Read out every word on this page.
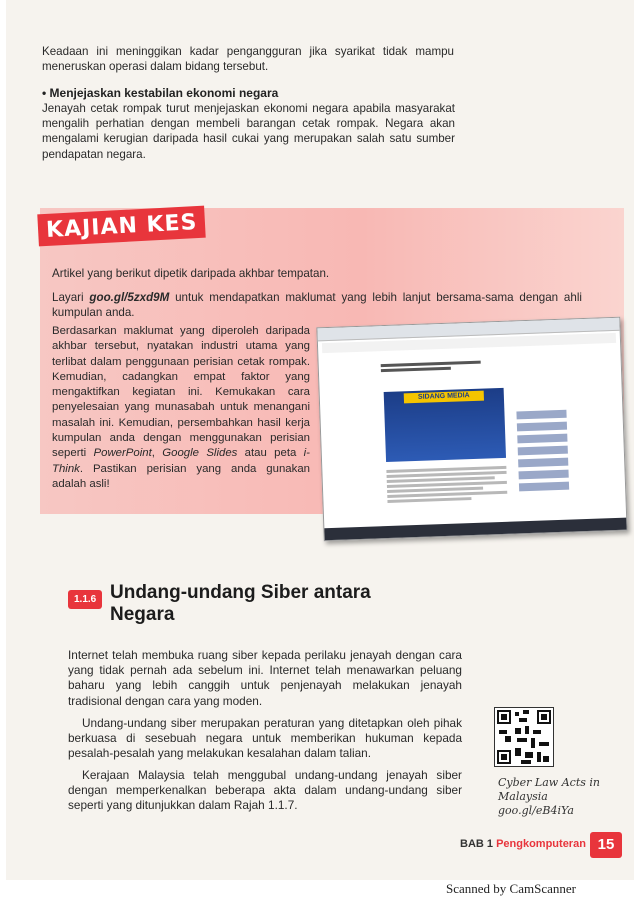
Keadaan ini meninggikan kadar pengangguran jika syarikat tidak mampu meneruskan operasi dalam bidang tersebut.

• Menjejaskan kestabilan ekonomi negara

Jenayah cetak rompak turut menjejaskan ekonomi negara apabila masyarakat mengalih perhatian dengan membeli barangan cetak rompak. Negara akan mengalami kerugian daripada hasil cukai yang merupakan salah satu sumber pendapatan negara.

KAJIAN KES

Artikel yang berikut dipetik daripada akhbar tempatan.

Layari goo.gl/5zxd9M untuk mendapatkan maklumat yang lebih lanjut bersama-sama dengan ahli kumpulan anda.

Berdasarkan maklumat yang diperoleh daripada akhbar tersebut, nyatakan industri utama yang terlibat dalam penggunaan perisian cetak rompak. Kemudian, cadangkan empat faktor yang mengaktifkan kegiatan ini. Kemukakan cara penyelesaian yang munasabah untuk menangani masalah ini. Kemudian, persembahkan hasil kerja kumpulan anda dengan menggunakan perisian seperti PowerPoint, Google Slides atau peta i-Think. Pastikan perisian yang anda gunakan adalah asli!

SIDANG MEDIA
1.1.6 Undang-undang Siber antara Negara

Internet telah membuka ruang siber kepada perilaku jenayah dengan cara yang tidak pernah ada sebelum ini. Internet telah menawarkan peluang baharu yang lebih canggih untuk penjenayah melakukan jenayah tradisional dengan cara yang moden.

Undang-undang siber merupakan peraturan yang ditetapkan oleh pihak berkuasa di sesebuah negara untuk memberikan hukuman kepada pesalah-pesalah yang melakukan kesalahan dalam talian.

Kerajaan Malaysia telah menggubal undang-undang jenayah siber dengan memperkenalkan beberapa akta dalam undang-undang siber seperti yang ditunjukkan dalam Rajah 1.1.7.

Cyber Law Acts in
Malaysia
goo.gl/eB4iYa
BAB 1 Pengkomputeran 15
Scanned by CamScanner
